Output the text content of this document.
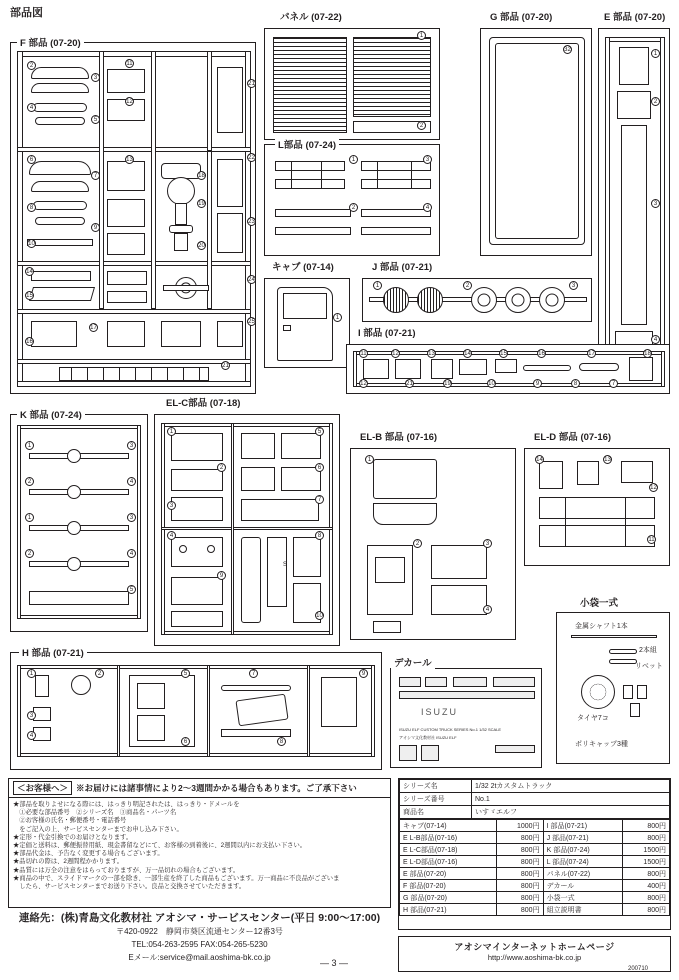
部品図
F 部品 (07-20)
2
3
4
5
6
7
8
9
10
11
12
13
18
19
20
21
22
23
14
15
24
16
17
25
21
パネル (07-22)
1
2
G 部品 (07-20)
32
E 部品 (07-20)
1
2
3
4
L部品 (07-24)
1
2
3
4
キャブ (07-14)
1
J 部品 (07-21)
1	2	3
I 部品 (07-21)
11	12	13	14	15	16	17	18
12	21	19	10	9	8	7
K 部品 (07-24)
1	3
2	4
1	3
2	4
5
EL-C部品 (07-18)
1
2
3
5
6
7
4
9
S
8
10
EL-B 部品 (07-16)
1
2	3
4
EL-D 部品 (07-16)
14	13
12
11
H 部品 (07-21)
1	2
3
4
5
6
7
8
9
デカール
ISUZU
ISUZU ELF CUSTOM TRUCK SERIES No.1 1/32 SCALE
アオシマ文化教材社 ISUZU ELF
小袋一式
金属シャフト1本
2本組
リベット
タイヤ7コ
ポリキャップ3種
＜お客様へ＞ ※お届けには諸事情により2～3週間かかる場合もあります。ご了承下さい
★部品を取りよせになる際には、はっきり明記されたは、はっきり・ドメールを
　①必要な部品番号　②シリーズ名　③商品名・パーツ名
　②お客様の氏名・郵便番号・電話番号
　をご記入の上、サービスセンターまでお申し込み下さい。
★定形・代金引換でのお届けとなります。
★定価と送料は、郵便振替用紙、現金書留などにて、お客様の到着後に、2週間以内にお支払い下さい。
★部品代金は、予告なく変更する場合もございます。
★品切れの際は、2週間程かかります。
★品質には万全の注意をはらっておりますが、万一品切れの場合もございます。
★商品の中で、スライドマークの一部を除き、一部生産を終了した商品もございます。万一商品に不良品がございま
　したら、サービスセンターまでお送り下さい。良品と交換させていただきます。
連絡先：(株)青島文化教材社 アオシマ・サービスセンター(平日 9:00～17:00)
〒420-0922　静岡市葵区流通センター12番3号
TEL:054-263-2595 FAX:054-265-5230
Eメール:service@mail.aoshima-bk.co.jp
シリーズ名	1/32 2tカスタムトラック
シリーズ番号	No.1
商品名	いすゞエルフ
キャブ(07-14)	1000円	I 部品(07-21)	800円
E L-B部品(07-16)	800円	J 部品(07-21)	800円
E L-C部品(07-18)	800円	K 部品(07-24)	1500円
E L-D部品(07-16)	800円	L 部品(07-24)	1500円
E 部品(07-20)	800円	パネル(07-22)	800円
F 部品(07-20)	800円	デカール	400円
G 部品(07-20)	800円	小袋一式	800円
H 部品(07-21)	800円	組立説明書	800円
アオシマインターネットホームページ
http://www.aoshima-bk.co.jp
― 3 ―
200710
